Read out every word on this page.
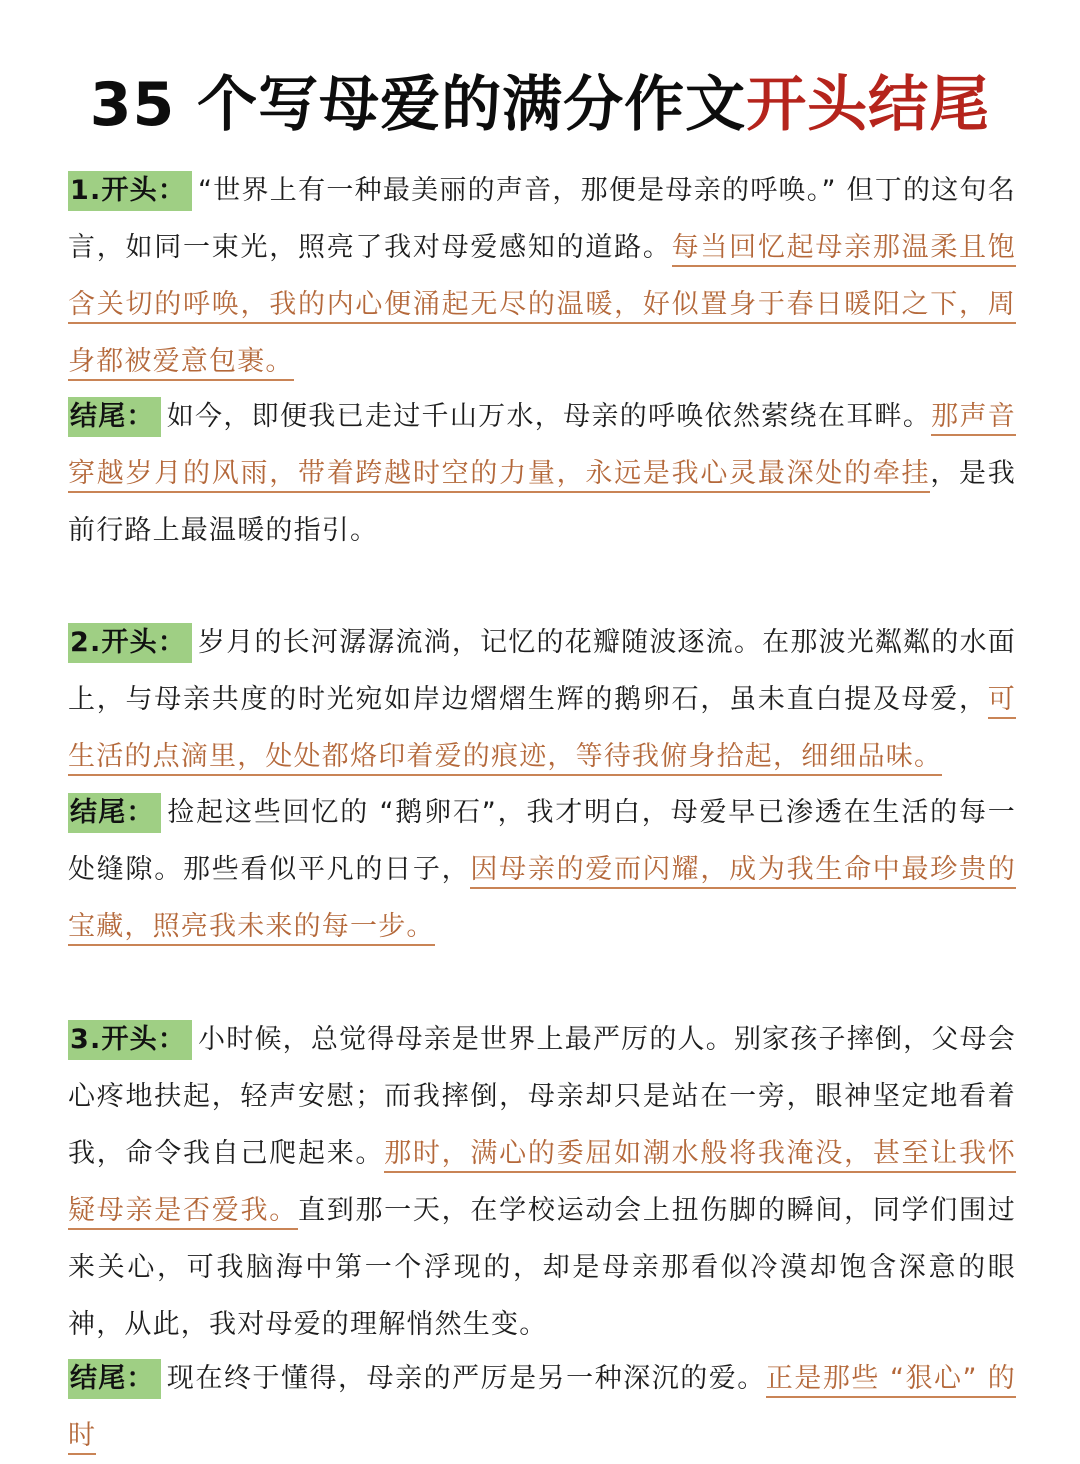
35 个写母爱的满分作文开头结尾

1.开头： “世界上有一种最美丽的声音，那便是母亲的呼唤。” 但丁的这句名言，如同一束光，照亮了我对母爱感知的道路。每当回忆起母亲那温柔且饱含关切的呼唤，我的内心便涌起无尽的温暖，好似置身于春日暖阳之下，周身都被爱意包裹。

结尾： 如今，即便我已走过千山万水，母亲的呼唤依然萦绕在耳畔。那声音穿越岁月的风雨，带着跨越时空的力量，永远是我心灵最深处的牵挂，是我前行路上最温暖的指引。

2.开头： 岁月的长河潺潺流淌，记忆的花瓣随波逐流。在那波光粼粼的水面上，与母亲共度的时光宛如岸边熠熠生辉的鹅卵石，虽未直白提及母爱，可生活的点滴里，处处都烙印着爱的痕迹，等待我俯身拾起，细细品味。

结尾： 捡起这些回忆的 “鹅卵石”，我才明白，母爱早已渗透在生活的每一处缝隙。那些看似平凡的日子，因母亲的爱而闪耀，成为我生命中最珍贵的宝藏，照亮我未来的每一步。

3.开头： 小时候，总觉得母亲是世界上最严厉的人。别家孩子摔倒，父母会心疼地扶起，轻声安慰；而我摔倒，母亲却只是站在一旁，眼神坚定地看着我，命令我自己爬起来。那时，满心的委屈如潮水般将我淹没，甚至让我怀疑母亲是否爱我。直到那一天，在学校运动会上扭伤脚的瞬间，同学们围过来关心，可我脑海中第一个浮现的，却是母亲那看似冷漠却饱含深意的眼神，从此，我对母爱的理解悄然生变。

结尾： 现在终于懂得，母亲的严厉是另一种深沉的爱。正是那些 “狠心” 的时
